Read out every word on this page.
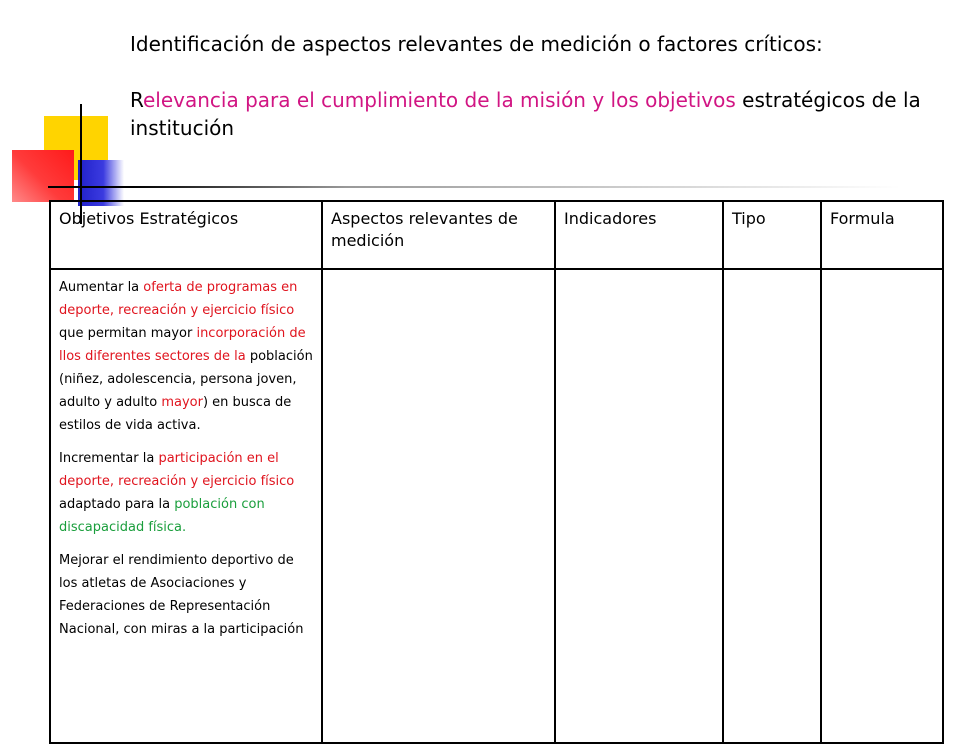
Identificación de aspectos relevantes de medición o factores críticos:

Relevancia para el cumplimiento de la misión y los objetivos estratégicos de la institución

Objetivos Estratégicos	Aspectos relevantes de medición	Indicadores	Tipo	Formula

Aumentar la oferta de programas en deporte, recreación y ejercicio físico que permitan mayor incorporación de llos diferentes sectores de la población (niñez, adolescencia, persona joven, adulto y adulto mayor) en busca de estilos de vida activa.

Incrementar la participación en el deporte, recreación y ejercicio físico adaptado para la población con discapacidad física.

Mejorar el rendimiento deportivo de los atletas de Asociaciones y Federaciones de Representación Nacional, con miras a la participación				
